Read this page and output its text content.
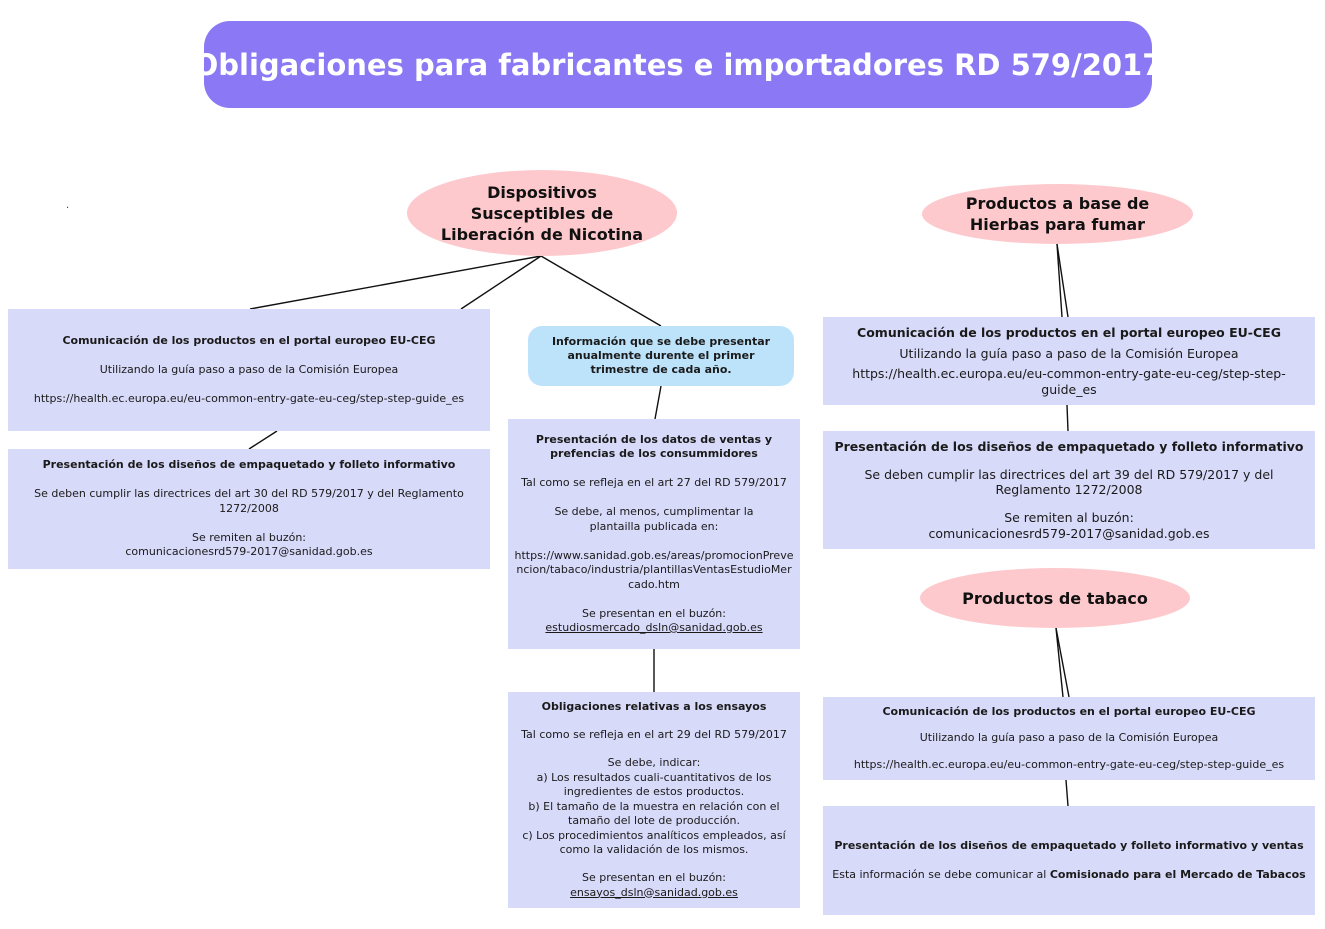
Obligaciones para fabricantes e importadores RD 579/2017
.
Dispositivos
Susceptibles de
Liberación de Nicotina
Productos a base de
Hierbas para fumar
Productos de tabaco

Comunicación de los productos en el portal europeo EU-CEG

Utilizando la guía paso a paso de la Comisión Europea

https://health.ec.europa.eu/eu-common-entry-gate-eu-ceg/step-step-guide_es

Presentación de los diseños de empaquetado y folleto informativo

Se deben cumplir las directrices del art 30 del RD 579/2017 y del Reglamento 1272/2008

Se remiten al buzón:

comunicacionesrd579-2017@sanidad.gob.es

Información que se debe presentar anualmente durente el primer trimestre de cada año.

Presentación de los datos de ventas y prefencias de los consummidores

Tal como se refleja en el art 27 del RD 579/2017

Se debe, al menos, cumplimentar la plantailla publicada en:

https://www.sanidad.gob.es/areas/promocionPrevencion/tabaco/industria/plantillasVentasEstudioMercado.htm

Se presentan en el buzón:

estudiosmercado_dsln@sanidad.gob.es

Obligaciones relativas a los ensayos

Tal como se refleja en el art 29 del RD 579/2017

Se debe, indicar:

a) Los resultados cuali-cuantitativos de los ingredientes de estos productos.

b) El tamaño de la muestra en relación con el tamaño del lote de producción.

c) Los procedimientos analíticos empleados, así como la validación de los mismos.

Se presentan en el buzón:

ensayos_dsln@sanidad.gob.es

Comunicación de los productos en el portal europeo EU-CEG

Utilizando la guía paso a paso de la Comisión Europea

https://health.ec.europa.eu/eu-common-entry-gate-eu-ceg/step-step-guide_es

Presentación de los diseños de empaquetado y folleto informativo

Se deben cumplir las directrices del art 39 del RD 579/2017 y del Reglamento 1272/2008

Se remiten al buzón:

comunicacionesrd579-2017@sanidad.gob.es

Comunicación de los productos en el portal europeo EU-CEG

Utilizando la guía paso a paso de la Comisión Europea

https://health.ec.europa.eu/eu-common-entry-gate-eu-ceg/step-step-guide_es

Presentación de los diseños de empaquetado y folleto informativo y ventas

Esta información se debe comunicar al Comisionado para el Mercado de Tabacos
